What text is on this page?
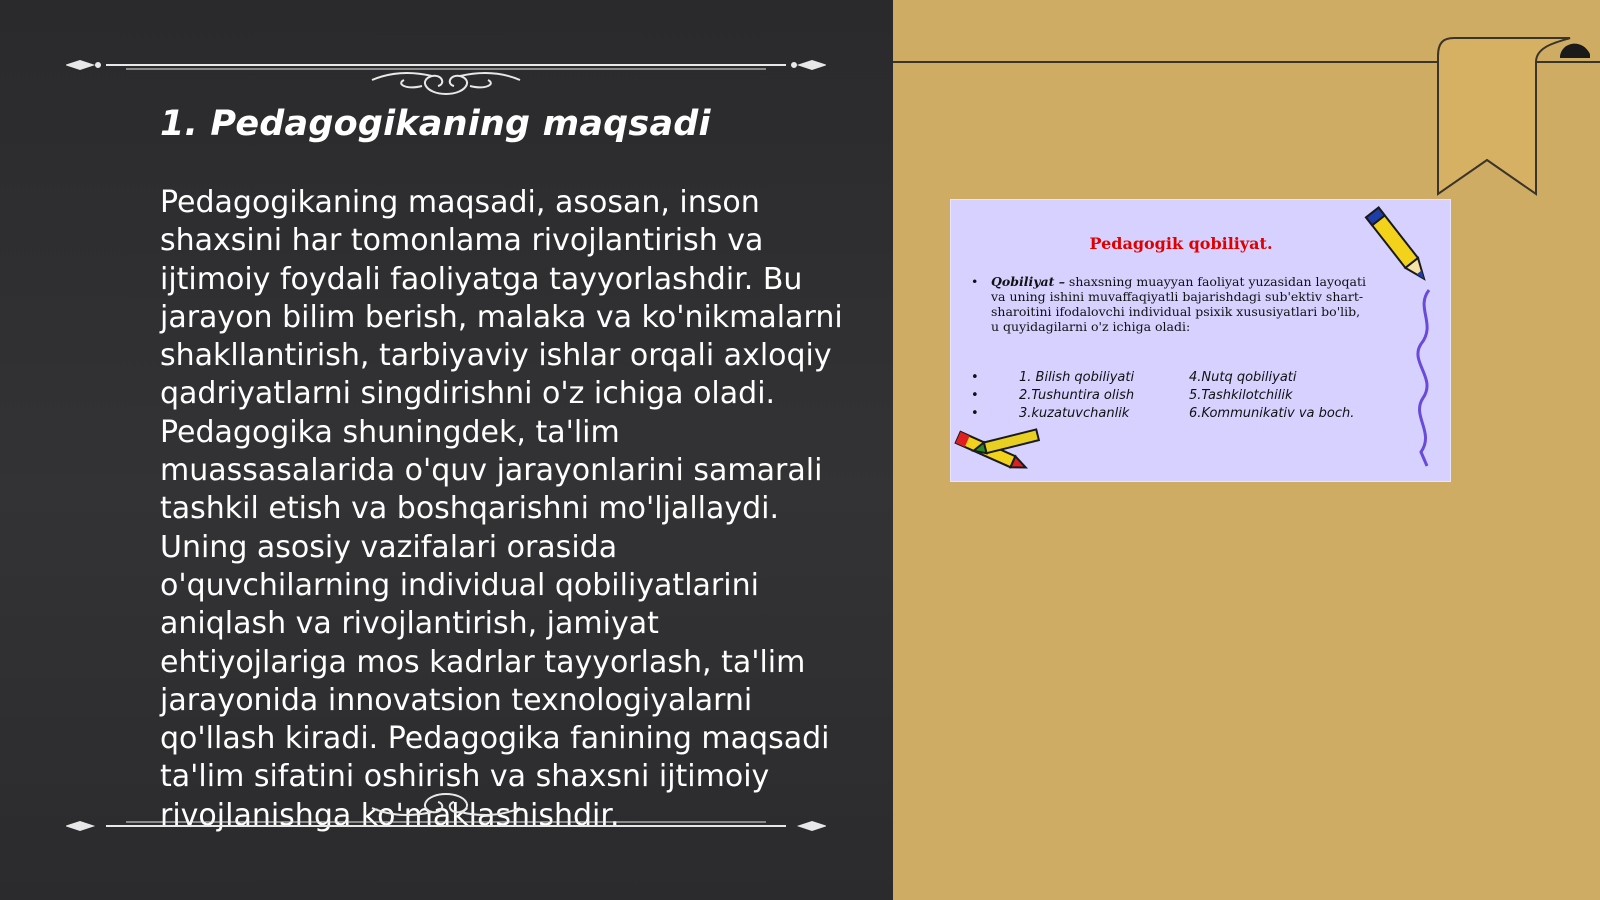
1. Pedagogikaning maqsadi

Pedagogikaning maqsadi, asosan, inson shaxsini har tomonlama rivojlantirish va ijtimoiy foydali faoliyatga tayyorlashdir. Bu jarayon bilim berish, malaka va ko'nikmalarni shakllantirish, tarbiyaviy ishlar orqali axloqiy qadriyatlarni singdirishni o'z ichiga oladi. Pedagogika shuningdek, ta'lim muassasalarida o'quv jarayonlarini samarali tashkil etish va boshqarishni mo'ljallaydi. Uning asosiy vazifalari orasida o'quvchilarning individual qobiliyatlarini aniqlash va rivojlantirish, jamiyat ehtiyojlariga mos kadrlar tayyorlash, ta'lim jarayonida innovatsion texnologiyalarni qo'llash kiradi. Pedagogika fanining maqsadi ta'lim sifatini oshirish va shaxsni ijtimoiy rivojlanishga ko'maklashishdir.

Pedagogik qobiliyat.
• Qobiliyat – shaxsning muayyan faoliyat yuzasidan layoqati va uning ishini muvaffaqiyatli bajarishdagi sub'ektiv shart-sharoitini ifodalovchi individual psixik xususiyatlari bo'lib, u quyidagilarni o'z ichiga oladi:
•	1. Bilish qobiliyati	4.Nutq qobiliyati
•	2.Tushuntira olish	5.Tashkilotchilik
•	3.kuzatuvchanlik	6.Kommunikativ va boch.
